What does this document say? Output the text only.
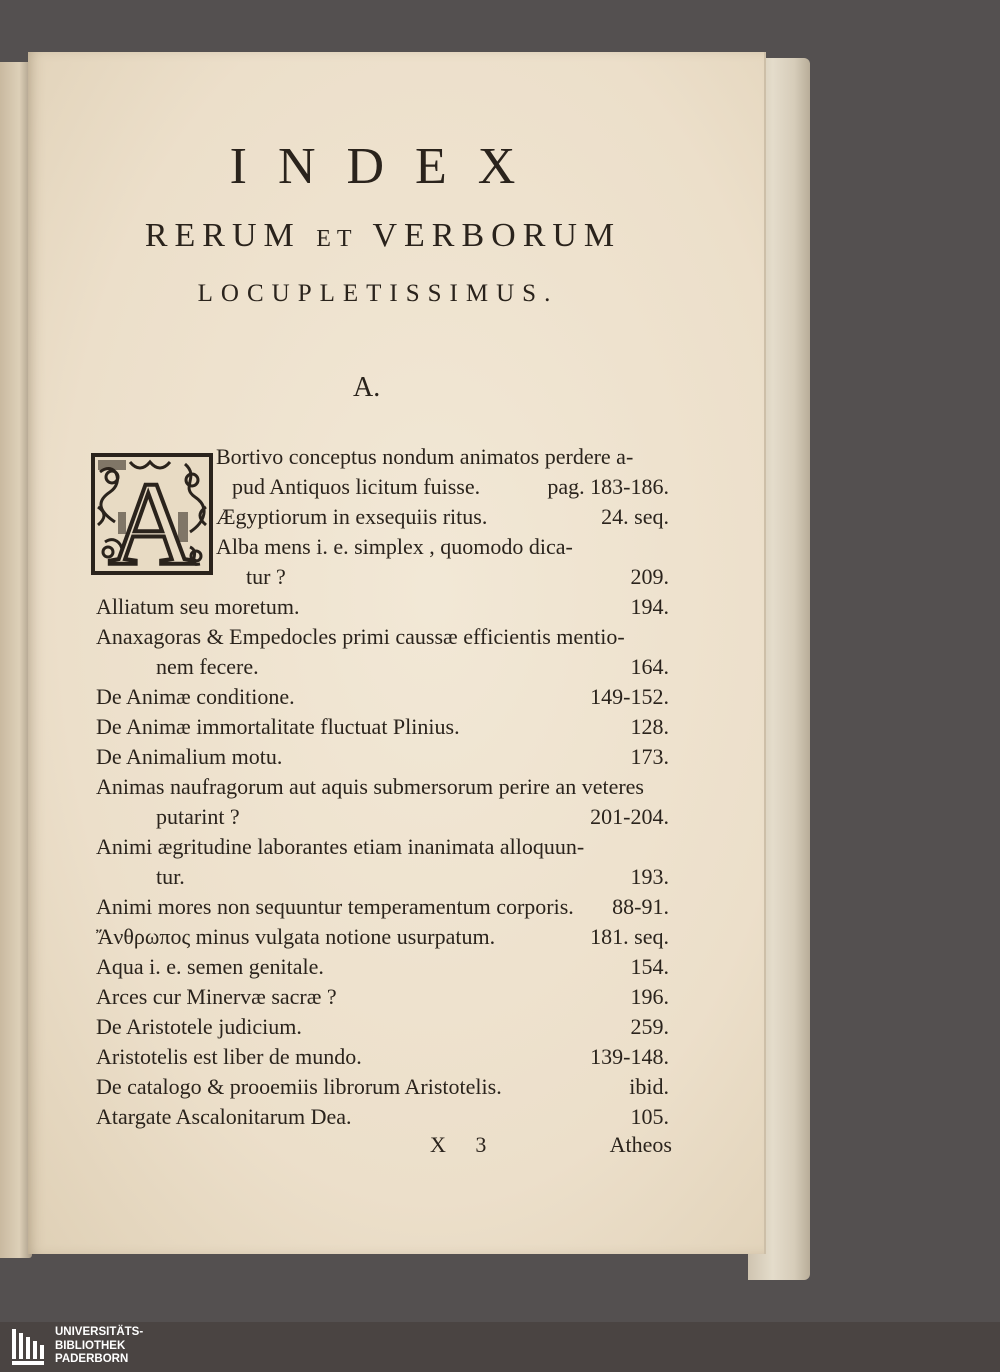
INDEX
RERUM ET VERBORUM
LOCUPLETISSIMUS.
A.
A
Bortivo conceptus nondum animatos perdere a-
pud Antiquos licitum fuisse.	pag. 183-186.
Ægyptiorum in exsequiis ritus.	24. seq.
Alba mens i. e. simplex , quomodo dica-
tur ?	209.
Alliatum seu moretum.	194.
Anaxagoras & Empedocles primi caussæ efficientis mentio-
nem fecere.	164.
De Animæ conditione.	149-152.
De Animæ immortalitate fluctuat Plinius.	128.
De Animalium motu.	173.
Animas naufragorum aut aquis submersorum perire an veteres
putarint ?	201-204.
Animi ægritudine laborantes etiam inanimata alloquun-
tur.	193.
Animi mores non sequuntur temperamentum corporis.	88-91.
Ἄνθρωπος minus vulgata notione usurpatum.	181. seq.
Aqua i. e. semen genitale.	154.
Arces cur Minervæ sacræ ?	196.
De Aristotele judicium.	259.
Aristotelis est liber de mundo.	139-148.
De catalogo & prooemiis librorum Aristotelis.	ibid.
Atargate Ascalonitarum Dea.	105.
X 3	Atheos
UNIVERSITÄTS-
BIBLIOTHEK
PADERBORN
